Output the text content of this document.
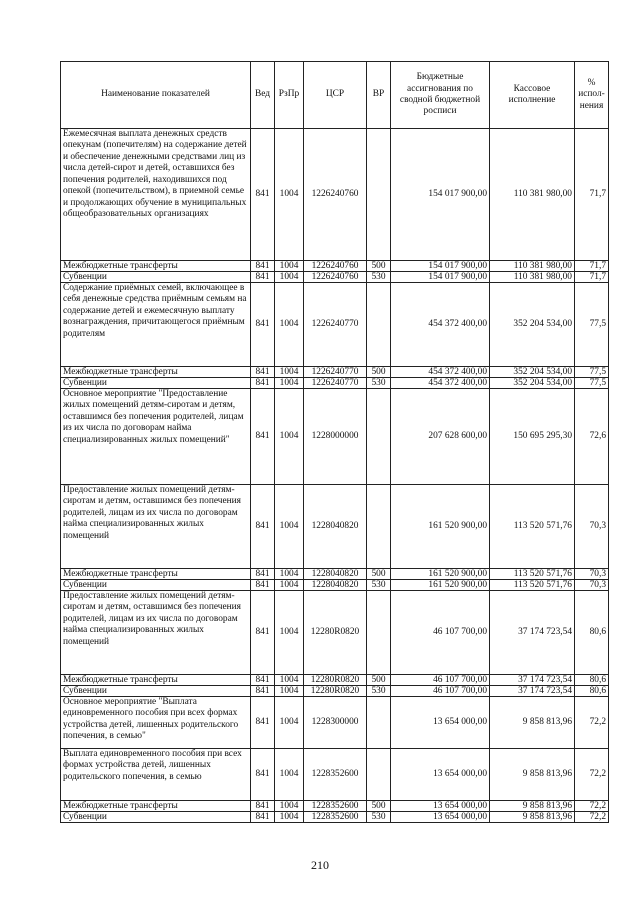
Наименование показателей	Вед	РзПр	ЦСР	ВР	Бюджетные ассигнования по сводной бюджетной росписи	Кассовое исполнение	% испол- нения
Ежемесячная выплата денежных средств опекунам (попечителям) на содержание детей и обеспечение денежными средствами лиц из числа детей-сирот и детей, оставшихся без попечения родителей, находившихся под опекой (попечительством), в приемной семье и продолжающих обучение в муниципальных общеобразовательных организациях	841	1004	1226240760		154 017 900,00	110 381 980,00	71,7
Межбюджетные трансферты	841	1004	1226240760	500	154 017 900,00	110 381 980,00	71,7
Субвенции	841	1004	1226240760	530	154 017 900,00	110 381 980,00	71,7
Содержание приёмных семей, включающее в себя денежные средства приёмным семьям на содержание детей и ежемесячную выплату вознаграждения, причитающегося приёмным родителям	841	1004	1226240770		454 372 400,00	352 204 534,00	77,5
Межбюджетные трансферты	841	1004	1226240770	500	454 372 400,00	352 204 534,00	77,5
Субвенции	841	1004	1226240770	530	454 372 400,00	352 204 534,00	77,5
Основное мероприятие "Предоставление жилых помещений детям-сиротам и детям, оставшимся без попечения родителей, лицам из их числа по договорам найма специализированных жилых помещений"	841	1004	1228000000		207 628 600,00	150 695 295,30	72,6
Предоставление жилых помещений детям-сиротам и детям, оставшимся без попечения родителей, лицам из их числа по договорам найма специализированных жилых помещений	841	1004	1228040820		161 520 900,00	113 520 571,76	70,3
Межбюджетные трансферты	841	1004	1228040820	500	161 520 900,00	113 520 571,76	70,3
Субвенции	841	1004	1228040820	530	161 520 900,00	113 520 571,76	70,3
Предоставление жилых помещений детям-сиротам и детям, оставшимся без попечения родителей, лицам из их числа по договорам найма специализированных жилых помещений	841	1004	12280R0820		46 107 700,00	37 174 723,54	80,6
Межбюджетные трансферты	841	1004	12280R0820	500	46 107 700,00	37 174 723,54	80,6
Субвенции	841	1004	12280R0820	530	46 107 700,00	37 174 723,54	80,6
Основное мероприятие "Выплата единовременного пособия при всех формах устройства детей, лишенных родительского попечения, в семью"	841	1004	1228300000		13 654 000,00	9 858 813,96	72,2
Выплата единовременного пособия при всех формах устройства детей, лишенных родительского попечения, в семью	841	1004	1228352600		13 654 000,00	9 858 813,96	72,2
Межбюджетные трансферты	841	1004	1228352600	500	13 654 000,00	9 858 813,96	72,2
Субвенции	841	1004	1228352600	530	13 654 000,00	9 858 813,96	72,2
210
